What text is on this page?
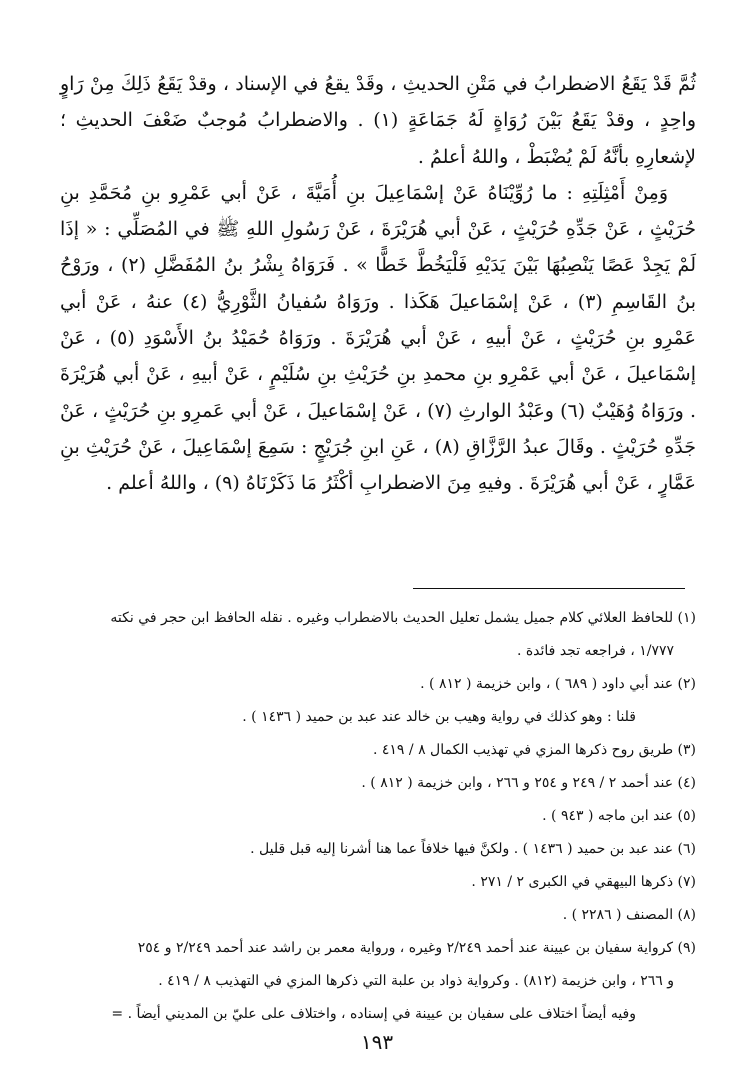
ثُمَّ قَدْ يَقَعُ الاضطرابُ في مَتْنِ الحديثِ ، وقَدْ يقعُ في الإسناد ، وقدْ يَقَعُ ذَلِكَ مِنْ رَاوٍ واحِدٍ ، وقدْ يَقَعُ بَيْنَ رُوَاةٍ لَهُ جَمَاعَةٍ (١) . والاضطرابُ مُوجبٌ ضَعْفَ الحديثِ ؛ لإشعارِهِ بأنَّهُ لَمْ يُضْبَطْ ، واللهُ أعلمُ .

وَمِنْ أَمْثِلَتِهِ : ما رُوِّيْنَاهُ عَنْ إسْمَاعِيلَ بنِ أُمَيَّةَ ، عَنْ أبي عَمْرِو بنِ مُحَمَّدِ بنِ حُرَيْثٍ ، عَنْ جَدِّهِ حُرَيْثٍ ، عَنْ أبي هُرَيْرَةَ ، عَنْ رَسُولِ اللهِ ﷺ في المُصَلِّي : « إذَا لَمْ يَجِدْ عَصًا يَنْصِبُهَا بَيْنَ يَدَيْهِ فَلْيَخُطَّ خَطًّا » . فَرَوَاهُ بِشْرُ بنُ المُفَضَّلِ (٢) ، ورَوْحُ بنُ القَاسِمِ (٣) ، عَنْ إسْمَاعيلَ هَكَذا . ورَوَاهُ سُفيانُ الثَّوْرِيُّ (٤) عنهُ ، عَنْ أبي عَمْرِو بنِ حُرَيْثٍ ، عَنْ أبيهِ ، عَنْ أبي هُرَيْرَةَ . ورَوَاهُ حُمَيْدُ بنُ الأَسْوَدِ (٥) ، عَنْ إسْمَاعيلَ ، عَنْ أبي عَمْرِو بنِ محمدِ بنِ حُرَيْثِ بنِ سُلَيْمٍ ، عَنْ أبيهِ ، عَنْ أبي هُرَيْرَةَ . ورَوَاهُ وُهَيْبٌ (٦) وعَبْدُ الوارثِ (٧) ، عَنْ إسْمَاعيلَ ، عَنْ أبي عَمرِو بنِ حُرَيْثٍ ، عَنْ جَدِّهِ حُرَيْثٍ . وقَالَ عبدُ الرَّزَّاقِ (٨) ، عَنِ ابنِ جُرَيْجٍ : سَمِعَ إسْمَاعِيلَ ، عَنْ حُرَيْثِ بنِ عَمَّارٍ ، عَنْ أبي هُرَيْرَةَ . وفيهِ مِنَ الاضطرابِ أكْثَرُ مَا ذَكَرْنَاهُ (٩) ، واللهُ أعلم .

(١) للحافظ العلائي كلام جميل يشمل تعليل الحديث بالاضطراب وغيره . نقله الحافظ ابن حجر في نكته

١/٧٧٧ ، فراجعه تجد فائدة .

(٢) عند أبي داود ( ٦٨٩ ) ، وابن خزيمة ( ٨١٢ ) .

قلنا : وهو كذلك في رواية وهيب بن خالد عند عبد بن حميد ( ١٤٣٦ ) .

(٣) طريق روح ذكرها المزي في تهذيب الكمال ٨ / ٤١٩ .

(٤) عند أحمد ٢ / ٢٤٩ و ٢٥٤ و ٢٦٦ ، وابن خزيمة ( ٨١٢ ) .

(٥) عند ابن ماجه ( ٩٤٣ ) .

(٦) عند عبد بن حميد ( ١٤٣٦ ) . ولكنَّ فيها خلافاً عما هنا أشرنا إليه قبل قليل .

(٧) ذكرها البيهقي في الكبرى ٢ / ٢٧١ .

(٨) المصنف ( ٢٢٨٦ ) .

(٩) كرواية سفيان بن عيينة عند أحمد ٢/٢٤٩ وغيره ، ورواية معمر بن راشد عند أحمد ٢/٢٤٩ و ٢٥٤

و ٢٦٦ ، وابن خزيمة (٨١٢) . وكرواية ذواد بن علبة التي ذكرها المزي في التهذيب ٨ / ٤١٩ .

وفيه أيضاً اختلاف على سفيان بن عيينة في إسناده ، واختلاف على عليّ بن المديني أيضاً . =

١٩٣
